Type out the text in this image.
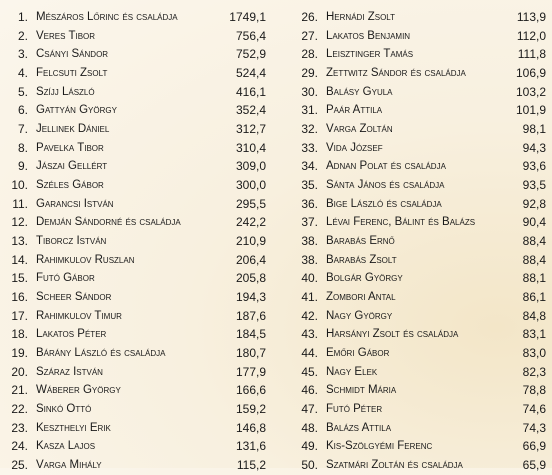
1. Mészáros Lőrinc és családja	1749,1
2. Veres Tibor	756,4
3. Csányi Sándor	752,9
4. Felcsuti Zsolt	524,4
5. Szíjj László	416,1
6. Gattyán György	352,4
7. Jellinek Dániel	312,7
8. Pavelka Tibor	310,4
9. Jászai Gellért	309,0
10. Széles Gábor	300,0
11. Garancsi István	295,5
12. Demján Sándorné és családja	242,2
13. Tiborcz István	210,9
14. Rahimkulov Ruszlan	206,4
15. Futó Gábor	205,8
16. Scheer Sándor	194,3
17. Rahimkulov Timur	187,6
18. Lakatos Péter	184,5
19. Bárány László és családja	180,7
20. Száraz István	177,9
21. Wáberer György	166,6
22. Sinkó Ottó	159,2
23. Keszthelyi Erik	146,8
24. Kasza Lajos	131,6
25. Varga Mihály	115,2
26. Hernádi Zsolt	113,9
27. Lakatos Benjamin	112,0
28. Leisztinger Tamás	111,8
29. Zettwitz Sándor és családja	106,9
30. Balásy Gyula	103,2
31. Paár Attila	101,9
32. Varga Zoltán	98,1
33. Vida József	94,3
34. Adnan Polat és családja	93,6
35. Sánta János és családja	93,5
36. Bige László és családja	92,8
37. Lévai Ferenc, Bálint és Balázs	90,4
38. Barabás Ernő	88,4
38. Barabás Zsolt	88,4
40. Bolgár György	88,1
41. Zombori Antal	86,1
42. Nagy György	84,8
43. Harsányi Zsolt és családja	83,1
44. Emőri Gábor	83,0
45. Nagy Elek	82,3
46. Schmidt Mária	78,8
47. Futó Péter	74,6
48. Balázs Attila	74,3
49. Kis-Szölgyémi Ferenc	66,9
50. Szatmári Zoltán és családja	65,9
